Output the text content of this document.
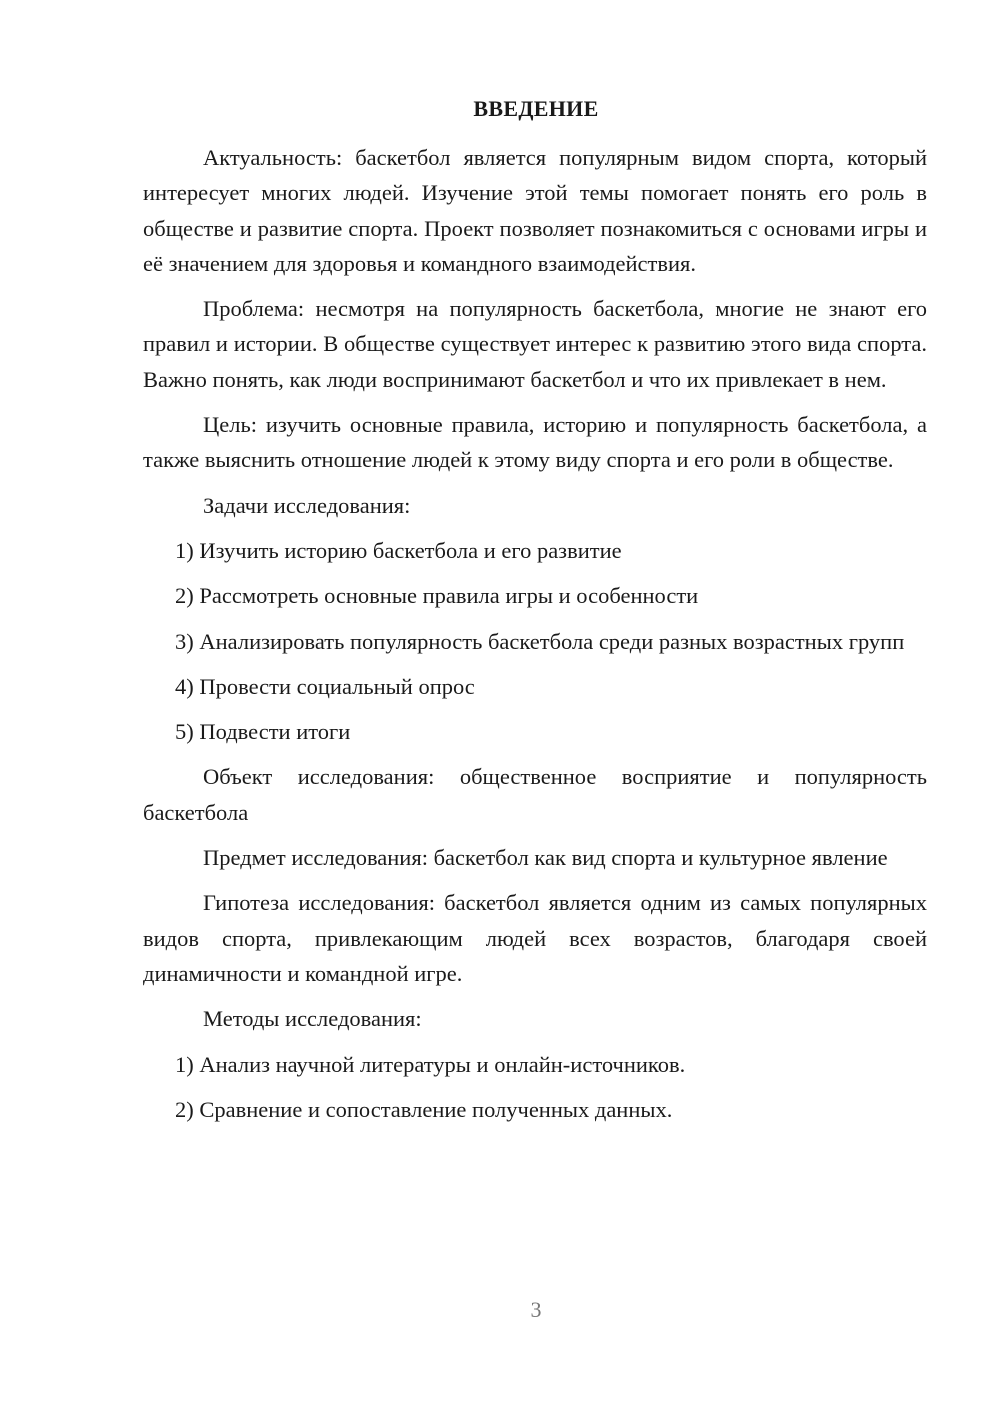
ВВЕДЕНИЕ

Актуальность: баскетбол является популярным видом спорта, который интересует многих людей. Изучение этой темы помогает понять его роль в обществе и развитие спорта. Проект позволяет познакомиться с основами игры и её значением для здоровья и командного взаимодействия.

Проблема: несмотря на популярность баскетбола, многие не знают его правил и истории. В обществе существует интерес к развитию этого вида спорта. Важно понять, как люди воспринимают баскетбол и что их привлекает в нем.

Цель: изучить основные правила, историю и популярность баскетбола, а также выяснить отношение людей к этому виду спорта и его роли в обществе.

Задачи исследования:

1) Изучить историю баскетбола и его развитие

2) Рассмотреть основные правила игры и особенности

3) Анализировать популярность баскетбола среди разных возрастных групп

4) Провести социальный опрос

5) Подвести итоги

Объект исследования: общественное восприятие и популярность баскетбола

Предмет исследования: баскетбол как вид спорта и культурное явление

Гипотеза исследования: баскетбол является одним из самых популярных видов спорта, привлекающим людей всех возрастов, благодаря своей динамичности и командной игре.

Методы исследования:

1) Анализ научной литературы и онлайн-источников.

2) Сравнение и сопоставление полученных данных.

3
